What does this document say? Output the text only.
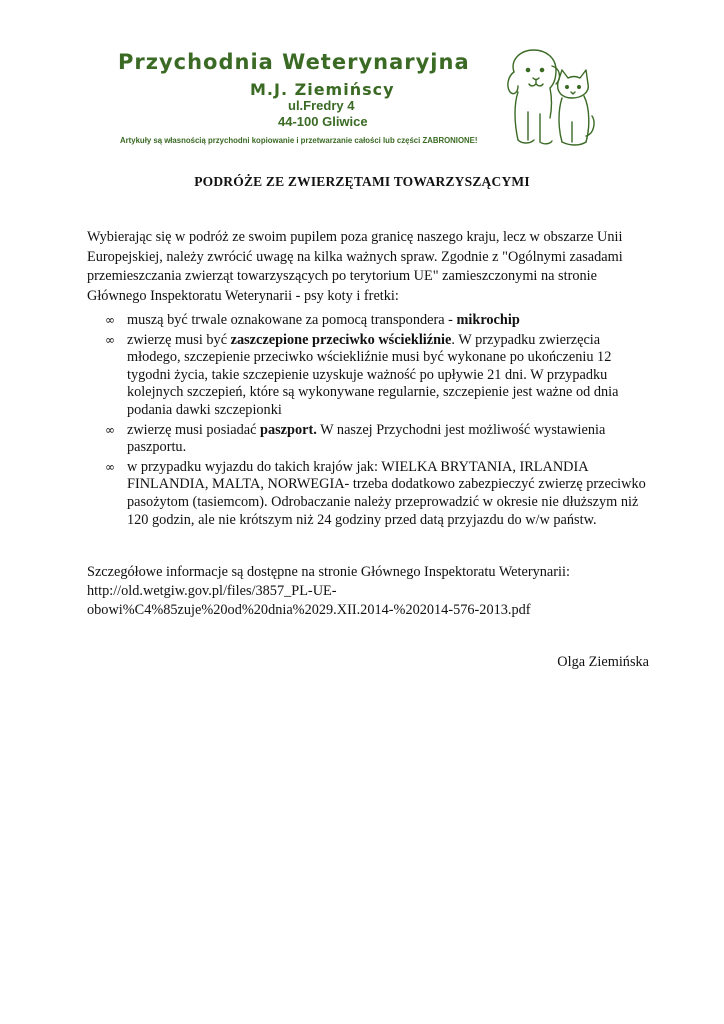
Przychodnia Weterynaryjna
M.J. Ziemińscy
ul.Fredry 4
44-100 Gliwice
Artykuły są własnością przychodni kopiowanie i przetwarzanie całości lub części ZABRONIONE!
PODRÓŻE ZE ZWIERZĘTAMI TOWARZYSZĄCYMI

Wybierając się w podróż ze swoim pupilem poza granicę naszego kraju, lecz w obszarze Unii Europejskiej, należy zwrócić uwagę na kilka ważnych spraw. Zgodnie z "Ogólnymi zasadami przemieszczania zwierząt towarzyszących po terytorium UE" zamieszczonymi na stronie Głównego Inspektoratu Weterynarii - psy koty i fretki:

∞ muszą być trwale oznakowane za pomocą transpondera - mikrochip
∞ zwierzę musi być zaszczepione przeciwko wściekliźnie. W przypadku zwierzęcia młodego, szczepienie przeciwko wściekliźnie musi być wykonane po ukończeniu 12 tygodni życia, takie szczepienie uzyskuje ważność po upływie 21 dni. W przypadku kolejnych szczepień, które są wykonywane regularnie, szczepienie jest ważne od dnia podania dawki szczepionki
∞ zwierzę musi posiadać paszport. W naszej Przychodni jest możliwość wystawienia paszportu.
∞ w przypadku wyjazdu do takich krajów jak: WIELKA BRYTANIA, IRLANDIA FINLANDIA, MALTA, NORWEGIA- trzeba dodatkowo zabezpieczyć zwierzę przeciwko pasożytom (tasiemcom). Odrobaczanie należy przeprowadzić w okresie nie dłuższym niż 120 godzin, ale nie krótszym niż 24 godziny przed datą przyjazdu do w/w państw.
Szczegółowe informacje są dostępne na stronie Głównego Inspektoratu Weterynarii:
http://old.wetgiw.gov.pl/files/3857_PL-UE-
obowi%C4%85zuje%20od%20dnia%2029.XII.2014-%202014-576-2013.pdf
Olga Ziemińska
